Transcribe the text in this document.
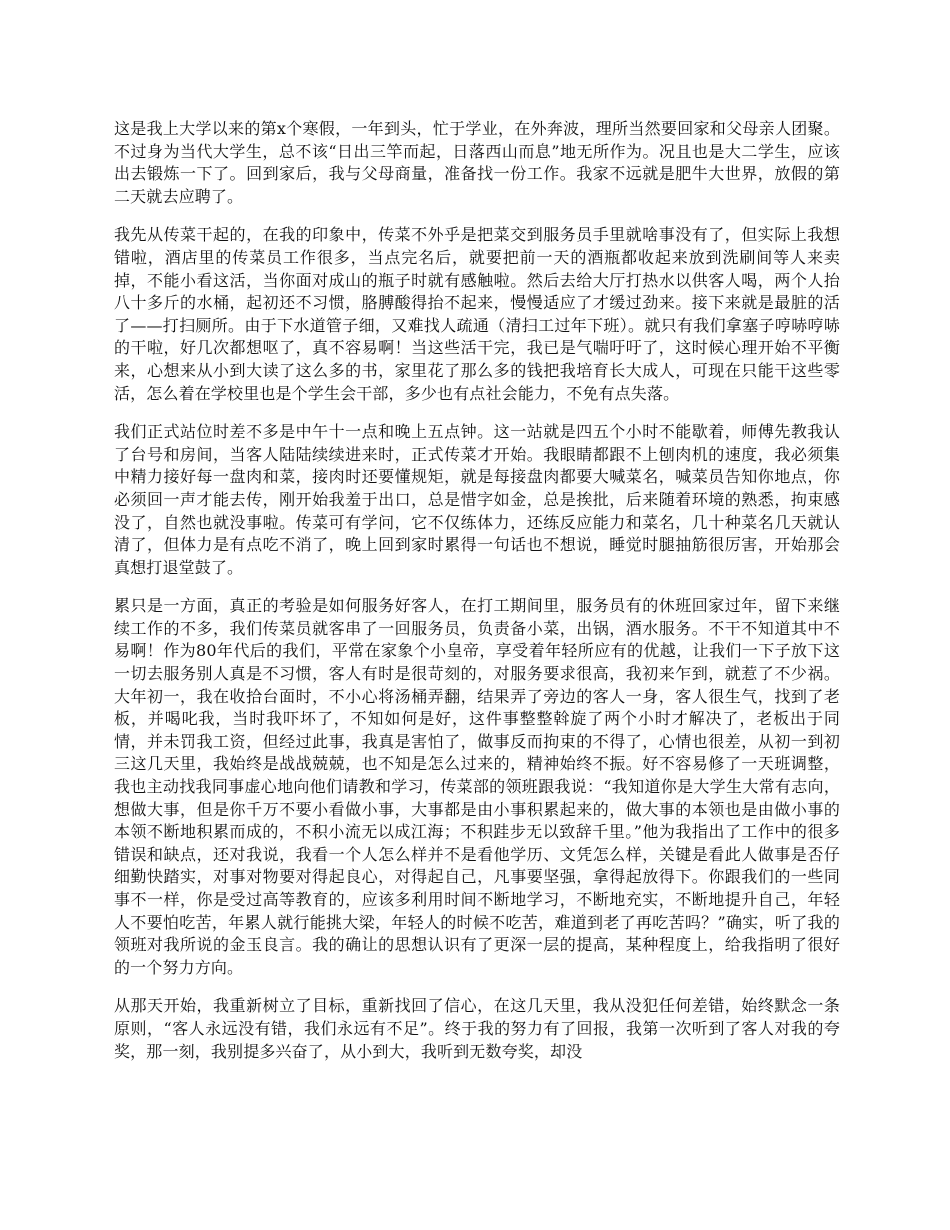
这是我上大学以来的第x个寒假，一年到头，忙于学业，在外奔波，理所当然要回家和父母亲人团聚。不过身为当代大学生，总不该“日出三竿而起，日落西山而息”地无所作为。况且也是大二学生，应该出去锻炼一下了。回到家后，我与父母商量，准备找一份工作。我家不远就是肥牛大世界，放假的第二天就去应聘了。

我先从传菜干起的，在我的印象中，传菜不外乎是把菜交到服务员手里就啥事没有了，但实际上我想错啦，酒店里的传菜员工作很多，当点完名后，就要把前一天的酒瓶都收起来放到洗刷间等人来卖掉，不能小看这活，当你面对成山的瓶子时就有感触啦。然后去给大厅打热水以供客人喝，两个人抬八十多斤的水桶，起初还不习惯，胳膊酸得抬不起来，慢慢适应了才缓过劲来。接下来就是最脏的活了——打扫厕所。由于下水道管子细，又难找人疏通（清扫工过年下班）。就只有我们拿塞子哼哧哼哧的干啦，好几次都想呕了，真不容易啊！当这些活干完，我已是气喘吁吁了，这时候心理开始不平衡来，心想来从小到大读了这么多的书，家里花了那么多的钱把我培育长大成人，可现在只能干这些零活，怎么着在学校里也是个学生会干部，多少也有点社会能力，不免有点失落。

我们正式站位时差不多是中午十一点和晚上五点钟。这一站就是四五个小时不能歇着，师傅先教我认了台号和房间，当客人陆陆续续进来时，正式传菜才开始。我眼睛都跟不上刨肉机的速度，我必须集中精力接好每一盘肉和菜，接肉时还要懂规矩，就是每接盘肉都要大喊菜名，喊菜员告知你地点，你必须回一声才能去传，刚开始我羞于出口，总是惜字如金，总是挨批，后来随着环境的熟悉，拘束感没了，自然也就没事啦。传菜可有学问，它不仅练体力，还练反应能力和菜名，几十种菜名几天就认清了，但体力是有点吃不消了，晚上回到家时累得一句话也不想说，睡觉时腿抽筋很厉害，开始那会真想打退堂鼓了。

累只是一方面，真正的考验是如何服务好客人，在打工期间里，服务员有的休班回家过年，留下来继续工作的不多，我们传菜员就客串了一回服务员，负责备小菜，出锅，酒水服务。不干不知道其中不易啊！作为80年代后的我们，平常在家象个小皇帝，享受着年轻所应有的优越，让我们一下子放下这一切去服务别人真是不习惯，客人有时是很苛刻的，对服务要求很高，我初来乍到，就惹了不少祸。大年初一，我在收拾台面时，不小心将汤桶弄翻，结果弄了旁边的客人一身，客人很生气，找到了老板，并喝叱我，当时我吓坏了，不知如何是好，这件事整整斡旋了两个小时才解决了，老板出于同情，并未罚我工资，但经过此事，我真是害怕了，做事反而拘束的不得了，心情也很差，从初一到初三这几天里，我始终是战战兢兢，也不知是怎么过来的，精神始终不振。好不容易修了一天班调整，我也主动找我同事虚心地向他们请教和学习，传菜部的领班跟我说：“我知道你是大学生大常有志向，想做大事，但是你千万不要小看做小事，大事都是由小事积累起来的，做大事的本领也是由做小事的本领不断地积累而成的，不积小流无以成江海；不积跬步无以致辞千里。”他为我指出了工作中的很多错误和缺点，还对我说，我看一个人怎么样并不是看他学历、文凭怎么样，关键是看此人做事是否仔细勤快踏实，对事对物要对得起良心，对得起自己，凡事要坚强，拿得起放得下。你跟我们的一些同事不一样，你是受过高等教育的，应该多利用时间不断地学习，不断地充实，不断地提升自己，年轻人不要怕吃苦，年累人就行能挑大梁，年轻人的时候不吃苦，难道到老了再吃苦吗？”确实，听了我的领班对我所说的金玉良言。我的确让的思想认识有了更深一层的提高，某种程度上，给我指明了很好的一个努力方向。

从那天开始，我重新树立了目标，重新找回了信心，在这几天里，我从没犯任何差错，始终默念一条原则，“客人永远没有错，我们永远有不足”。终于我的努力有了回报，我第一次听到了客人对我的夸奖，那一刻，我别提多兴奋了，从小到大，我听到无数夸奖，却没
